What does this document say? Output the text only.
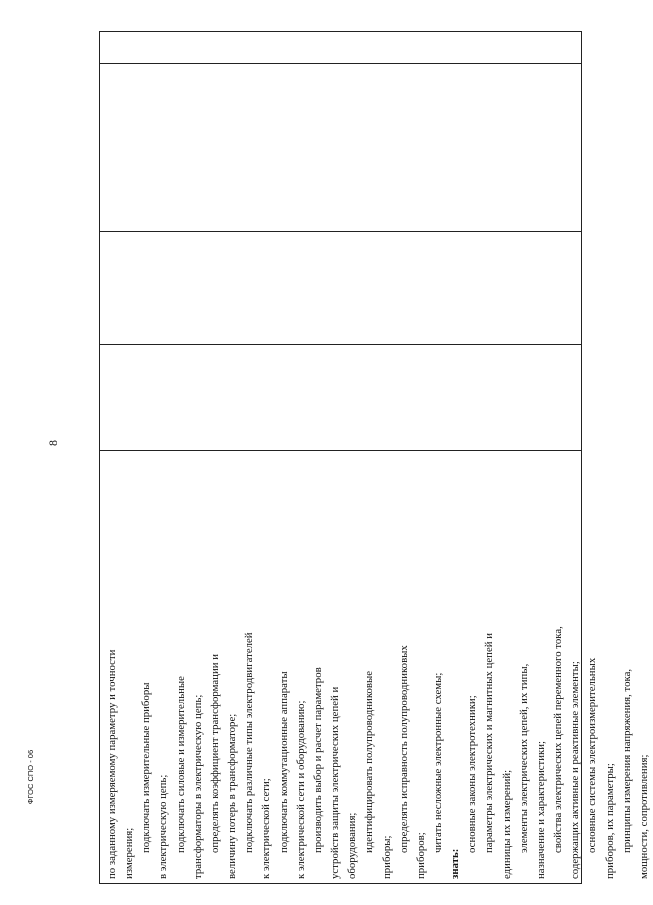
8
ФГОС СПО - 06	по заданному измеряемому параметру и точности измерения;
подключать измерительные приборы в электрическую цепь; подключать силовые и измерительные трансформаторы в электрическую цепь; определять коэффициент трансформации и величину потерь в трансформаторе; подключать различные типы электродвигателей к электрической сети; подключать коммутационные аппараты к электрической сети и оборудованию; производить выбор и расчет параметров устройств защиты электрических цепей и оборудования; идентифицировать полупроводниковые
приборы;
определять исправность полупроводниковых
приборов;
читать несложные электронные схемы;
знать:
основные законы электротехники; параметры электрических и магнитных цепей и единицы их измерений; элементы электрических цепей, их типы, назначение и характеристики; свойства электрических цепей переменного тока, содержащих активные и реактивные элементы; основные системы электроизмерительных приборов, их параметры; принципы измерения напряжения, тока, мощности, сопротивления;
